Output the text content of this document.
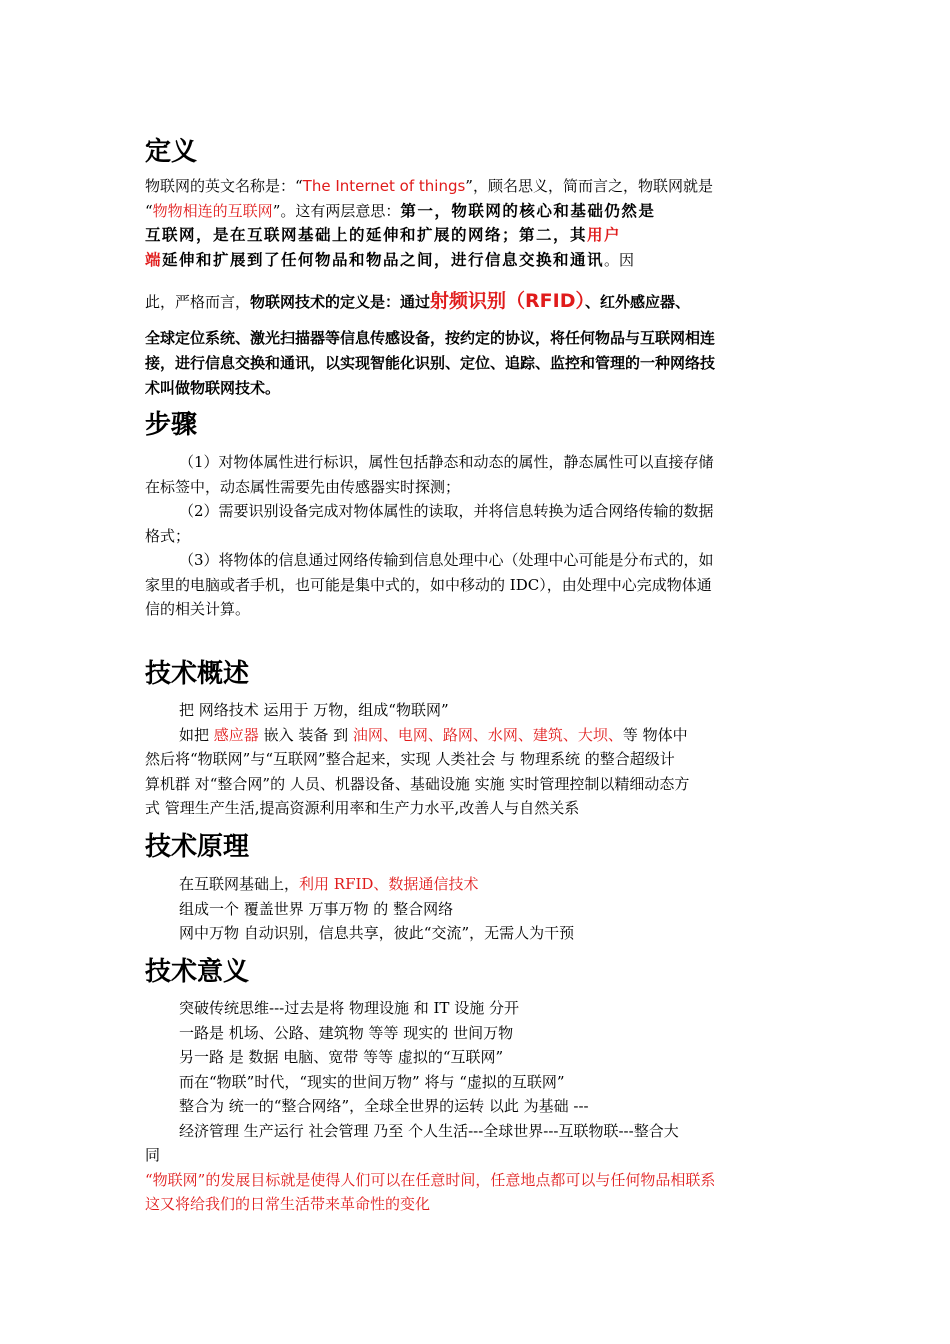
定义
物联网的英文名称是：“The Internet of things”，顾名思义，简而言之，物联网就是
“物物相连的互联网”。这有两层意思：第一，物联网的核心和基础仍然是
互联网，是在互联网基础上的延伸和扩展的网络；第二，其用户
端延伸和扩展到了任何物品和物品之间，进行信息交换和通讯。因
此，严格而言，物联网技术的定义是：通过射频识别（RFID）、红外感应器、
全球定位系统、激光扫描器等信息传感设备，按约定的协议，将任何物品与互联网相连
接，进行信息交换和通讯，以实现智能化识别、定位、追踪、监控和管理的一种网络技
术叫做物联网技术。
步骤
（1）对物体属性进行标识，属性包括静态和动态的属性，静态属性可以直接存储
在标签中，动态属性需要先由传感器实时探测；
（2）需要识别设备完成对物体属性的读取，并将信息转换为适合网络传输的数据
格式；
（3）将物体的信息通过网络传输到信息处理中心（处理中心可能是分布式的，如
家里的电脑或者手机，也可能是集中式的，如中移动的 IDC），由处理中心完成物体通
信的相关计算。
技术概述
把 网络技术 运用于 万物，组成“物联网”
如把 感应器 嵌入 装备 到 油网、电网、路网、水网、建筑、大坝、等 物体中
然后将“物联网”与“互联网”整合起来，实现 人类社会 与 物理系统 的整合超级计
算机群 对“整合网”的 人员、机器设备、基础设施 实施 实时管理控制以精细动态方
式 管理生产生活,提高资源利用率和生产力水平,改善人与自然关系
技术原理
在互联网基础上，利用 RFID、数据通信技术
组成一个 覆盖世界 万事万物 的 整合网络
网中万物 自动识别，信息共享，彼此“交流”，无需人为干预
技术意义
突破传统思维---过去是将 物理设施 和 IT 设施 分开
一路是 机场、公路、建筑物 等等 现实的 世间万物
另一路 是 数据 电脑、宽带 等等 虚拟的“互联网”
而在“物联”时代，“现实的世间万物” 将与 “虚拟的互联网”
整合为 统一的“整合网络”，全球全世界的运转 以此 为基础 ---
经济管理 生产运行 社会管理 乃至 个人生活---全球世界---互联物联---整合大
同
“物联网”的发展目标就是使得人们可以在任意时间，任意地点都可以与任何物品相联系
这又将给我们的日常生活带来革命性的变化
